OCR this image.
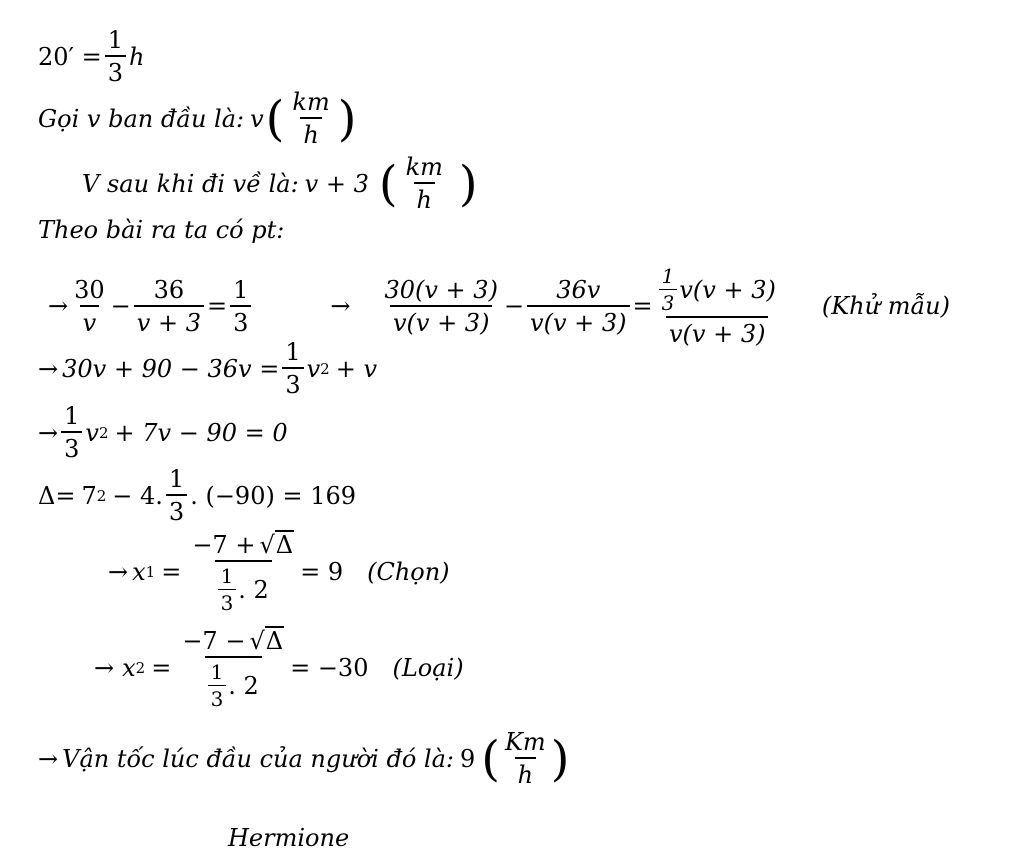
$20' = \frac{1}{3}$ h
Gọi v ban đầu là: v ( $\frac{km}{h}$ )
V sau khi đi về là: v + 3 ( $\frac{km}{h}$ )
Theo bài ra ta có pt:
→ $\frac{30}{v} - \frac{36}{v + 3} = \frac{1}{3}$	→ $\frac{30(v + 3)}{v(v + 3)} - \frac{36v}{v(v + 3)} = \frac{\frac{1}{3} v(v + 3)}{v(v + 3)}$ (Khử mẫu)
→ $30v + 90 - 36v = \frac{1}{3}$ v 2 + v
→ $\frac{1}{3}$ v 2 + 7v − 90 = 0
Δ= 7 2 − 4. $\frac{1}{3}$ . (−90) = 169
→ x $1 = \frac{-7 + √ \Delta}{\frac{1}{3} . 2} = 9$ (Chọn)
→ x $2 = \frac{-7 - √ \Delta}{\frac{1}{3} . 2} = -30$ (Loại)
→ Vận tốc lúc đầu của người đó là: 9 ( $\frac{Km}{h}$ )
Hermione
